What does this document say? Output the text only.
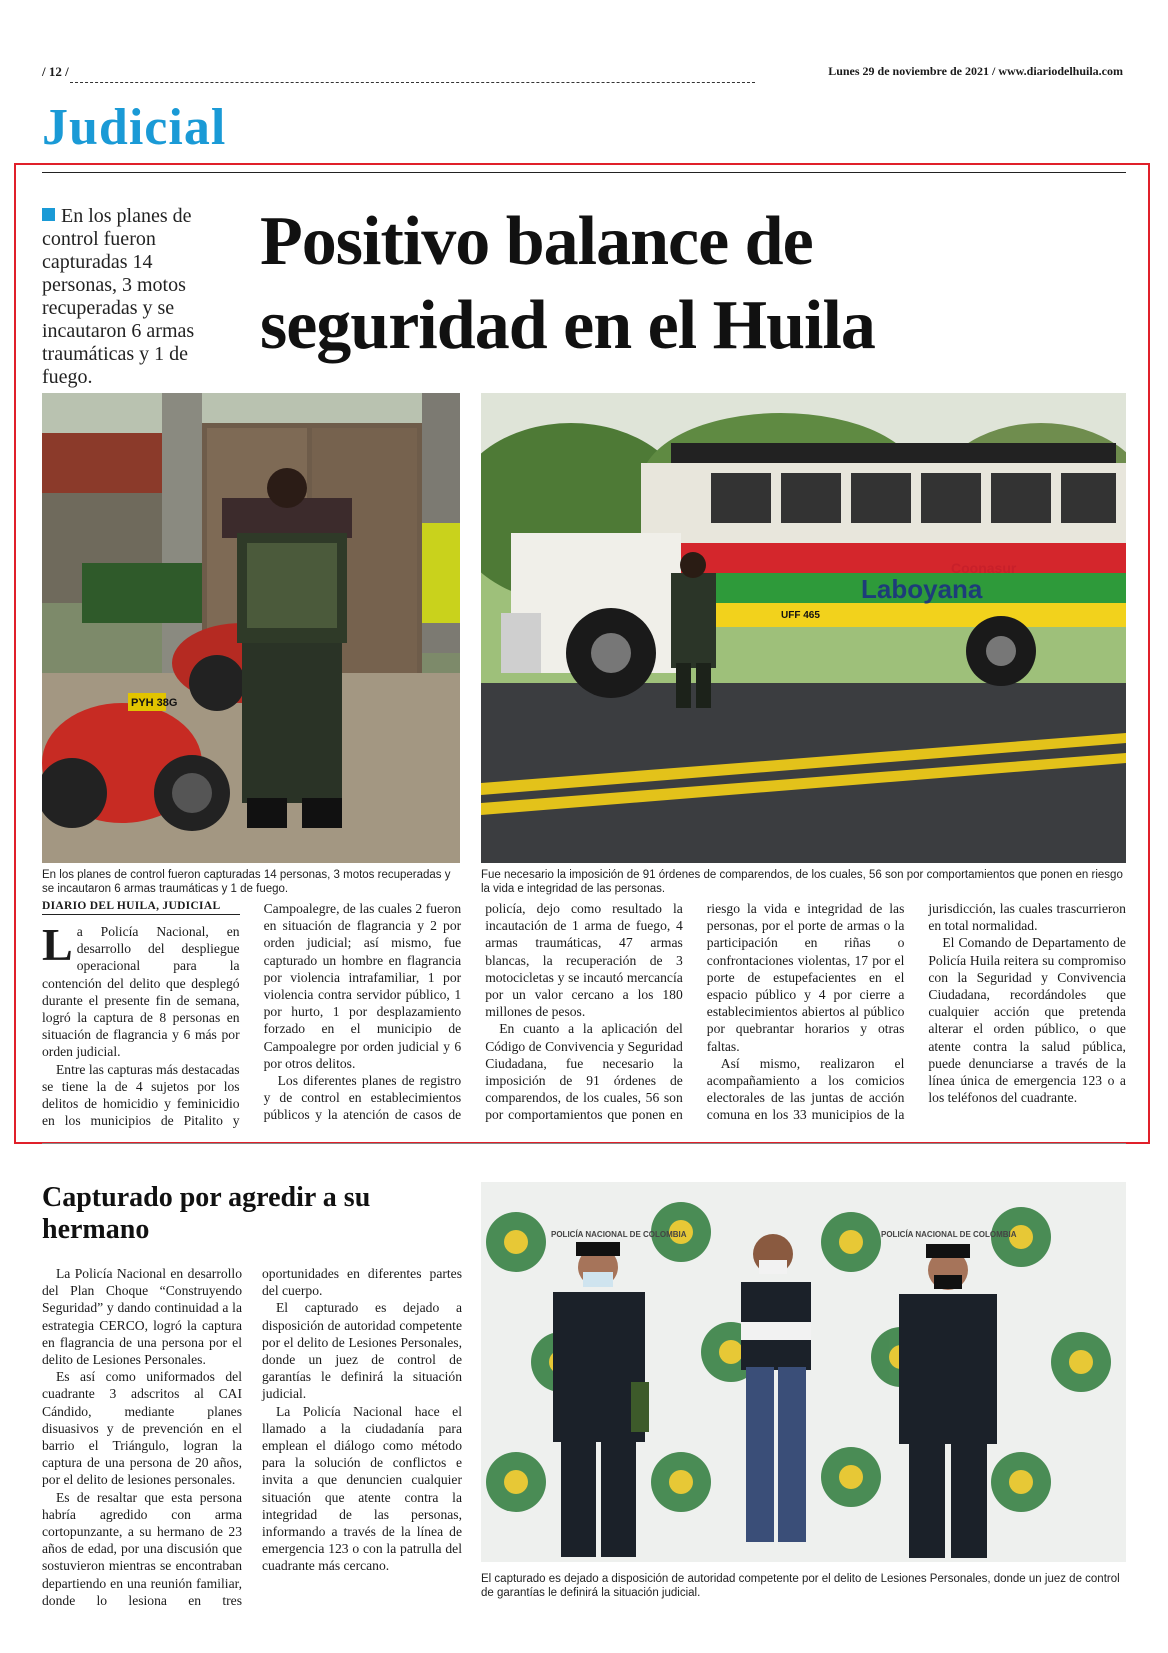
/ 12 /	Lunes 29 de noviembre de 2021 / www.diariodelhuila.com
Judicial
En los planes de control fueron capturadas 14 personas, 3 motos recuperadas y se incautaron 6 armas traumáticas y 1 de fuego.
Positivo balance de
seguridad en el Huila
PYH 38G
Laboyana
Coonasur
UFF 465
En los planes de control fueron capturadas 14 personas, 3 motos recuperadas y se incautaron 6 armas traumáticas y 1 de fuego.
Fue necesario la imposición de 91 órdenes de comparendos, de los cuales, 56 son por comportamientos que ponen en riesgo la vida e integridad de las personas.
DIARIO DEL HUILA, JUDICIAL

La Policía Nacional, en desarrollo del despliegue operacional para la contención del delito que desplegó durante el presente fin de semana, logró la captura de 8 personas en situación de flagrancia y 6 más por orden judicial.

Entre las capturas más destacadas se tiene la de 4 sujetos por los delitos de homicidio y feminicidio en los municipios de Pitalito y Campoalegre, de las cuales 2 fueron en situación de flagrancia y 2 por orden judicial; así mismo, fue capturado un hombre en flagrancia por violencia intrafamiliar, 1 por violencia contra servidor público, 1 por hurto, 1 por desplazamiento forzado en el municipio de Campoalegre por orden judicial y 6 por otros delitos.

Los diferentes planes de registro y de control en establecimientos públicos y la atención de casos de policía, dejo como resultado la incautación de 1 arma de fuego, 4 armas traumáticas, 47 armas blancas, la recuperación de 3 motocicletas y se incautó mercancía por un valor cercano a los 180 millones de pesos.

En cuanto a la aplicación del Código de Convivencia y Seguridad Ciudadana, fue necesario la imposición de 91 órdenes de comparendos, de los cuales, 56 son por comportamientos que ponen en riesgo la vida e integridad de las personas, por el porte de armas o la participación en riñas o confrontaciones violentas, 17 por el porte de estupefacientes en el espacio público y 4 por cierre a establecimientos abiertos al público por quebrantar horarios y otras faltas.

Así mismo, realizaron el acompañamiento a los comicios electorales de las juntas de acción comuna en los 33 municipios de la jurisdicción, las cuales trascurrieron en total normalidad.

El Comando de Departamento de Policía Huila reitera su compromiso con la Seguridad y Convivencia Ciudadana, recordándoles que cualquier acción que pretenda alterar el orden público, o que atente contra la salud pública, puede denunciarse a través de la línea única de emergencia 123 o a los teléfonos del cuadrante.

Capturado por agredir a su hermano

La Policía Nacional en desarrollo del Plan Choque “Construyendo Seguridad” y dando continuidad a la estrategia CERCO, logró la captura en flagrancia de una persona por el delito de Lesiones Personales.

Es así como uniformados del cuadrante 3 adscritos al CAI Cándido, mediante planes disuasivos y de prevención en el barrio el Triángulo, logran la captura de una persona de 20 años, por el delito de lesiones personales.

Es de resaltar que esta persona habría agredido con arma cortopunzante, a su hermano de 23 años de edad, por una discusión que sostuvieron mientras se encontraban departiendo en una reunión familiar, donde lo lesiona en tres oportunidades en diferentes partes del cuerpo.

El capturado es dejado a disposición de autoridad competente por el delito de Lesiones Personales, donde un juez de control de garantías le definirá la situación judicial.

La Policía Nacional hace el llamado a la ciudadanía para emplean el diálogo como método para la solución de conflictos e invita a que denuncien cualquier situación que atente contra la integridad de las personas, informando a través de la línea de emergencia 123 o con la patrulla del cuadrante más cercano.

POLICÍA NACIONAL DE COLOMBIA	POLICÍA NACIONAL DE COLOMBIA
El capturado es dejado a disposición de autoridad competente por el delito de Lesiones Personales, donde un juez de control de garantías le definirá la situación judicial.
